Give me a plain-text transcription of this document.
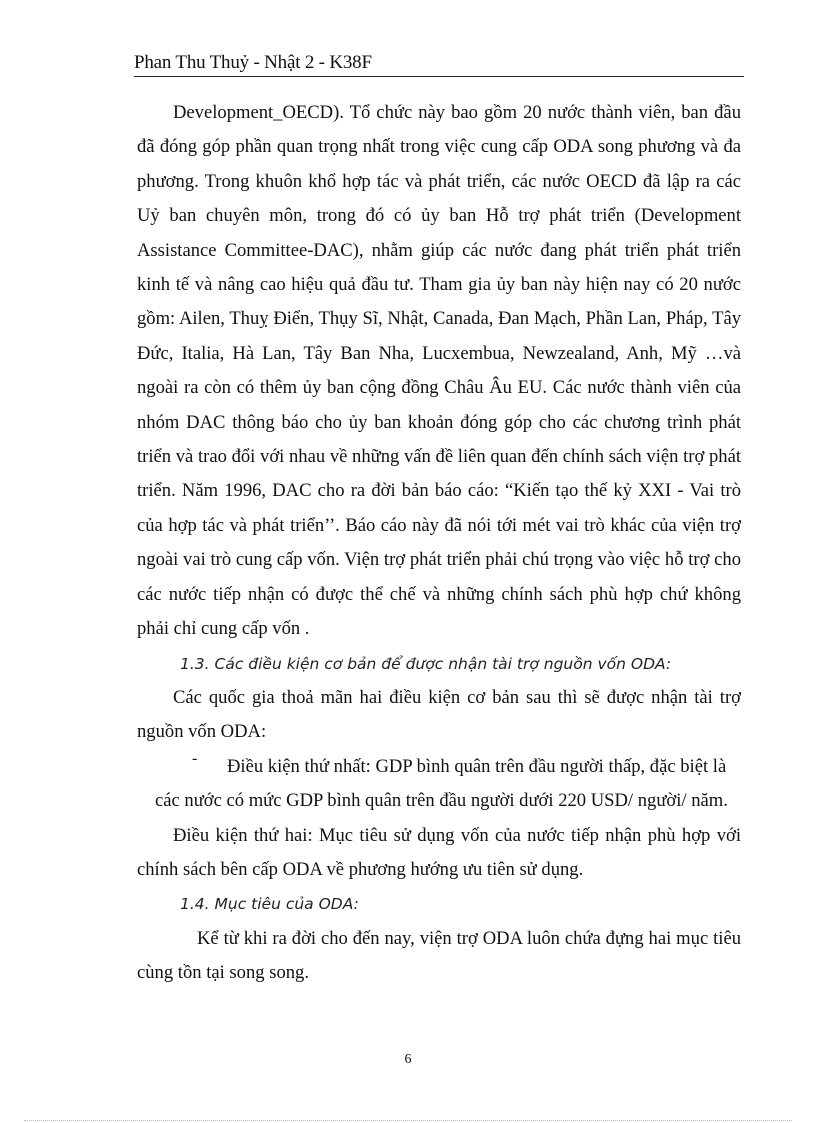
Phan Thu Thuỷ - Nhật 2 - K38F

Development_OECD). Tổ chức này bao gồm 20 nước thành viên, ban đầu đã đóng góp phần quan trọng nhất trong việc cung cấp ODA song phương và đa phương. Trong khuôn khổ hợp tác và phát triển, các nước OECD đã lập ra các Uỷ ban chuyên môn, trong đó có ủy ban Hỗ trợ phát triển (Development Assistance Committee-DAC), nhằm giúp các nước đang phát triển phát triển kinh tế và nâng cao hiệu quả đầu tư. Tham gia ủy ban này hiện nay có 20 nước gồm: Ailen, Thuỵ Điển, Thụy Sĩ, Nhật, Canada, Đan Mạch, Phần Lan, Pháp, Tây Đức, Italia, Hà Lan, Tây Ban Nha, Lucxembua, Newzealand, Anh, Mỹ …và ngoài ra còn có thêm ủy ban cộng đồng Châu Âu EU. Các nước thành viên của nhóm DAC thông báo cho ủy ban khoản đóng góp cho các chương trình phát triển và trao đổi với nhau về những vấn đề liên quan đến chính sách viện trợ phát triển. Năm 1996, DAC cho ra đời bản báo cáo: “Kiến tạo thế kỷ XXI - Vai trò của hợp tác và phát triển’’. Báo cáo này đã nói tới mét vai trò khác của viện trợ ngoài vai trò cung cấp vốn. Viện trợ phát triển phải chú trọng vào việc hỗ trợ cho các nước tiếp nhận có được thể chế và những chính sách phù hợp chứ không phải chỉ cung cấp vốn .

1.3. Các điều kiện cơ bản để được nhận tài trợ nguồn vốn ODA:

Các quốc gia thoả mãn hai điều kiện cơ bản sau thì sẽ được nhận tài trợ nguồn vốn ODA:

- Điều kiện thứ nhất: GDP bình quân trên đầu người thấp, đặc biệt là

các nước có mức GDP bình quân trên đầu người dưới 220 USD/ người/ năm.

Điều kiện thứ hai: Mục tiêu sử dụng vốn của nước tiếp nhận phù hợp với chính sách bên cấp ODA về phương hướng ưu tiên sử dụng.

1.4. Mục tiêu của ODA:

Kể từ khi ra đời cho đến nay, viện trợ ODA luôn chứa đựng hai mục tiêu cùng tồn tại song song.

6
